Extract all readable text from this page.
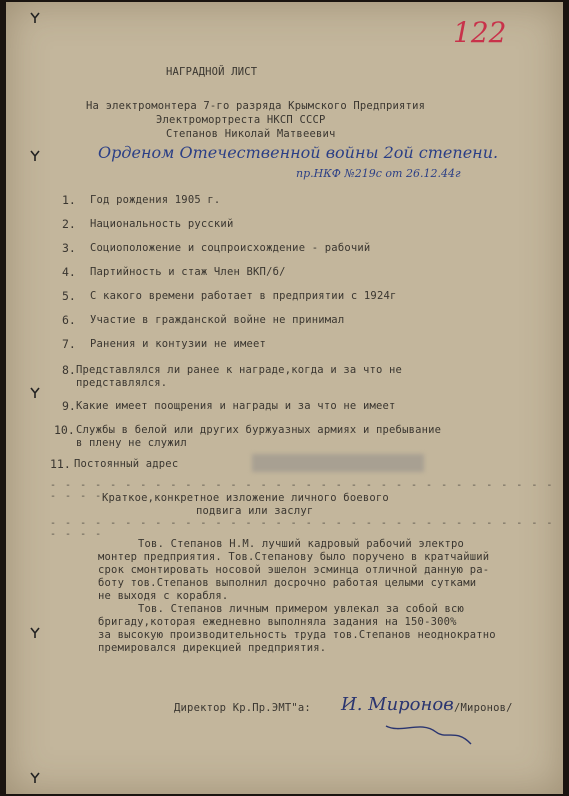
122
НАГРАДНОЙ ЛИСТ
На электромонтера 7-го разряда Крымского Предприятия
Электромортреста НКСП СССР
Степанов Николай Матвеевич
Орденом Отечественной войны 2ой степени.
пр.НКФ №219с от 26.12.44г
1. Год рождения 1905 г.
2. Национальность русский
3. Социоположение и соцпроисхождение - рабочий
4. Партийность и стаж Член ВКП/б/
5. С какого времени работает в предприятии с 1924г
6. Участие в гражданской войне не принимал
7. Ранения и контузии не имеет
8. Представлялся ли ранее к награде,когда и за что не
представлялся.
9. Какие имеет поощрения и награды и за что не имеет
10. Службы в белой или других буржуазных армиях и пребывание
в плену не служил
11. Постоянный адрес
- - - - - - - - - - - - - - - - - - - - - - - - - - - - - - - - - - - - - - Краткое,конкретное изложение личного боевого
подвига или заслуг
- - - - - - - - - - - - - - - - - - - - - - - - - - - - - - - - - - - - - -
Тов. Степанов Н.М. лучший кадровый рабочий электро
монтер предприятия. Тов.Степанову было поручено в кратчайший
срок смонтировать носовой эшелон эсминца отличной данную ра-
боту тов.Степанов выполнил досрочно работая целыми сутками
не выходя с корабля.
Тов. Степанов личным примером увлекал за собой всю
бригаду,которая ежедневно выполняла задания на 150-300%
за высокую производительность труда тов.Степанов неоднократно
премировался дирекцией предприятия.
Директор Кр.Пр.ЭМТ"а: И. Миронов /Миронов/
